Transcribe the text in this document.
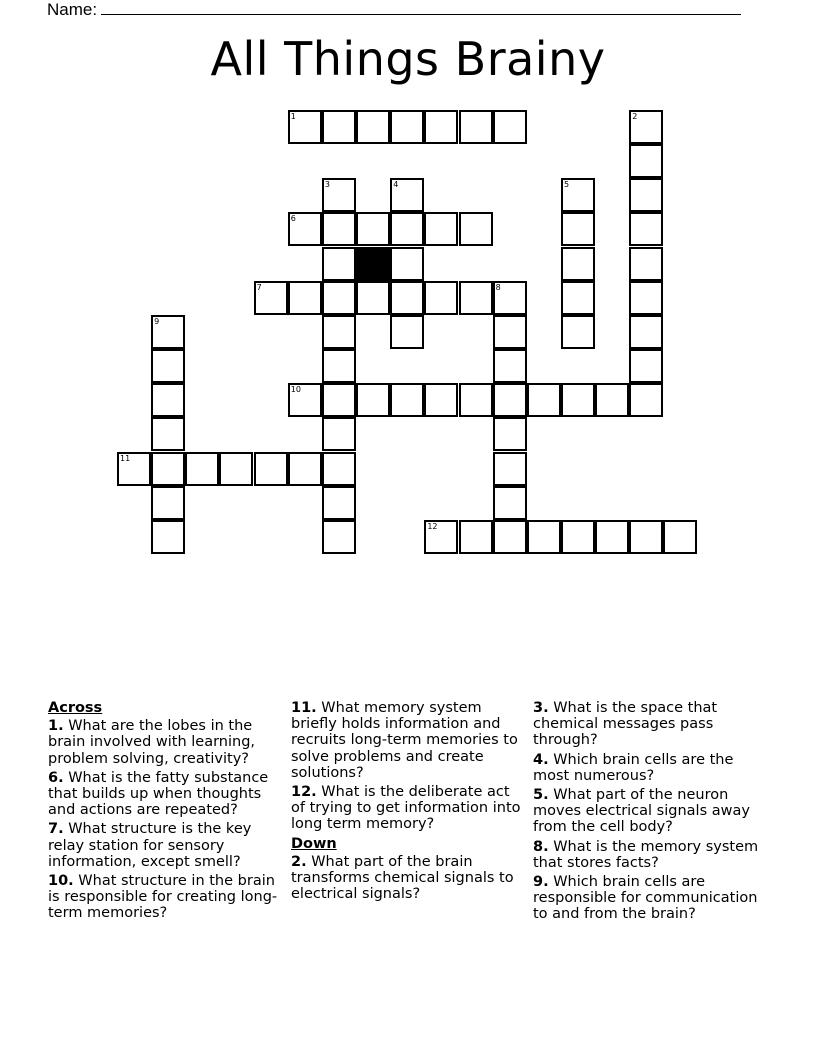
Name:
All Things Brainy
1	2
3	4	5
6
7	8
9
10
11
12
Across
1. What are the lobes in the brain involved with learning, problem solving, creativity?
6. What is the fatty substance that builds up when thoughts and actions are repeated?
7. What structure is the key relay station for sensory information, except smell?
10. What structure in the brain is responsible for creating long-term memories?
11. What memory system briefly holds information and recruits long-term memories to solve problems and create solutions?
12. What is the deliberate act of trying to get information into long term memory?
Down
2. What part of the brain transforms chemical signals to electrical signals?
3. What is the space that chemical messages pass through?
4. Which brain cells are the most numerous?
5. What part of the neuron moves electrical signals away from the cell body?
8. What is the memory system that stores facts?
9. Which brain cells are responsible for communication to and from the brain?
